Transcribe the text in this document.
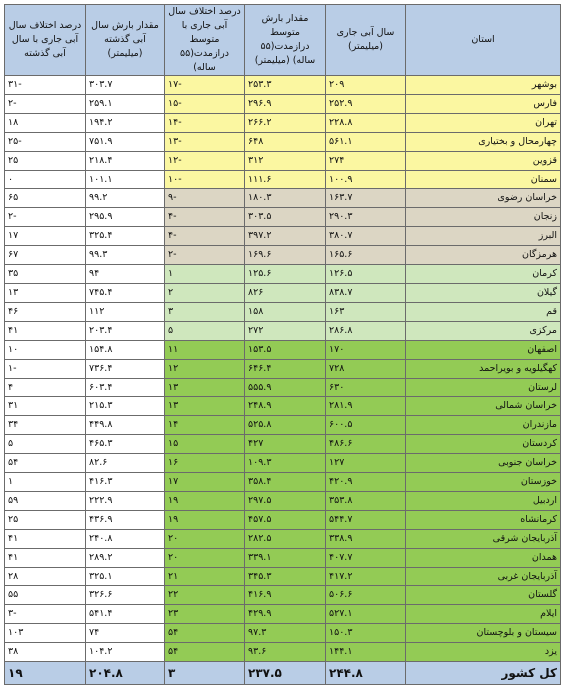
استان	سال آبی جاری (میلیمتر)	مقدار بارش متوسط درازمدت(۵۵ ساله) (میلیمتر)	درصد اختلاف سال آبی جاری با متوسط درازمدت(۵۵ ساله)	مقدار بارش سال آبی گذشته (میلیمتر)	درصد اختلاف سال آبی جاری با سال آبی گذشته
بوشهر	۲۰۹	۲۵۳.۳	-۱۷	۳۰۳.۷	-۳۱
فارس	۲۵۲.۹	۲۹۶.۹	-۱۵	۲۵۹.۱	-۲
تهران	۲۲۸.۸	۲۶۶.۲	-۱۴	۱۹۴.۲	۱۸
چهارمحال و بختیاری	۵۶۱.۱	۶۴۸	-۱۳	۷۵۱.۹	-۲۵
قزوین	۲۷۴	۳۱۲	-۱۲	۲۱۸.۴	۲۵
سمنان	۱۰۰.۹	۱۱۱.۶	-۱۰	۱۰۱.۱	۰
خراسان رضوی	۱۶۳.۷	۱۸۰.۳	-۹	۹۹.۲	۶۵
زنجان	۲۹۰.۳	۳۰۳.۵	-۴	۲۹۵.۹	-۲
البرز	۳۸۰.۷	۳۹۷.۲	-۴	۳۲۵.۴	۱۷
هرمزگان	۱۶۵.۶	۱۶۹.۶	-۲	۹۹.۳	۶۷
کرمان	۱۲۶.۵	۱۲۵.۶	۱	۹۴	۳۵
گیلان	۸۳۸.۷	۸۲۶	۲	۷۴۵.۴	۱۳
قم	۱۶۳	۱۵۸	۳	۱۱۲	۴۶
مرکزی	۲۸۶.۸	۲۷۲	۵	۲۰۳.۴	۴۱
اصفهان	۱۷۰	۱۵۳.۵	۱۱	۱۵۴.۸	۱۰
کهگیلویه و بویراحمد	۷۲۸	۶۴۶.۴	۱۲	۷۳۶.۴	-۱
لرستان	۶۳۰	۵۵۵.۹	۱۳	۶۰۳.۴	۴
خراسان شمالی	۲۸۱.۹	۲۴۸.۹	۱۳	۲۱۵.۳	۳۱
مازندران	۶۰۰.۵	۵۲۵.۸	۱۴	۴۴۹.۸	۳۴
کردستان	۴۸۶.۶	۴۲۷	۱۵	۴۶۵.۳	۵
خراسان جنوبی	۱۲۷	۱۰۹.۳	۱۶	۸۲.۶	۵۴
خوزستان	۴۲۰.۹	۳۵۸.۴	۱۷	۴۱۶.۳	۱
اردبیل	۳۵۳.۸	۲۹۷.۵	۱۹	۲۲۲.۹	۵۹
کرمانشاه	۵۴۴.۷	۴۵۷.۵	۱۹	۴۳۶.۹	۲۵
آذربایجان شرقی	۳۳۸.۹	۲۸۲.۵	۲۰	۲۴۰.۸	۴۱
همدان	۴۰۷.۷	۳۳۹.۱	۲۰	۲۸۹.۲	۴۱
آذربایجان غربی	۴۱۷.۲	۳۴۵.۳	۲۱	۳۲۵.۱	۲۸
گلستان	۵۰۶.۶	۴۱۶.۹	۲۲	۳۲۶.۶	۵۵
ایلام	۵۲۷.۱	۴۲۹.۹	۲۳	۵۴۱.۴	-۳
سیستان و بلوچستان	۱۵۰.۳	۹۷.۳	۵۴	۷۴	۱۰۳
یزد	۱۴۴.۱	۹۳.۶	۵۴	۱۰۴.۲	۳۸
کل کشور	۲۴۴.۸	۲۳۷.۵	۳	۲۰۴.۸	۱۹
